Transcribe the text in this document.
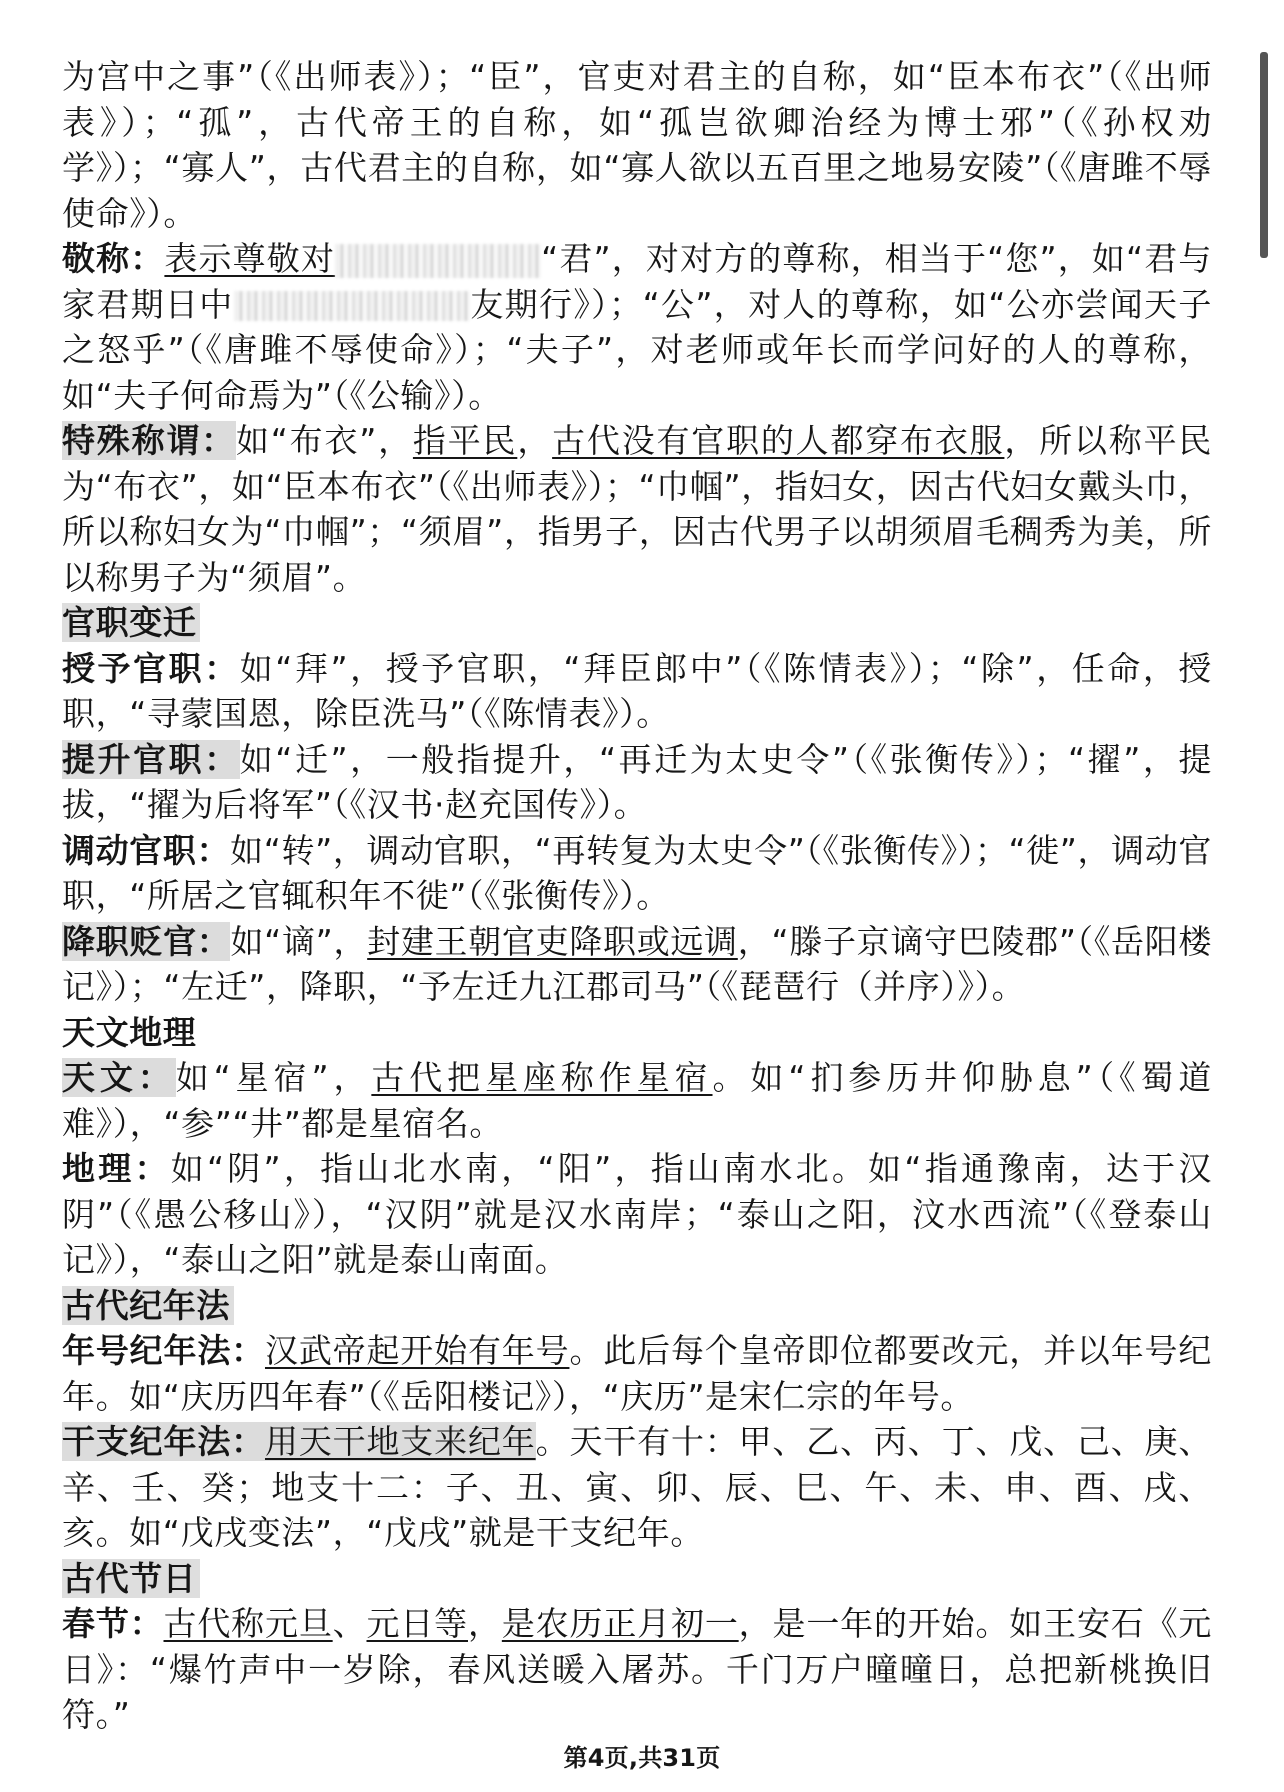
为宫中之事”（《出师表》）；“臣”，官吏对君主的自称，如“臣本布衣”（《出师表》）；“孤”，古代帝王的自称，如“孤岂欲卿治经为博士邪”（《孙权劝学》）；“寡人”，古代君主的自称，如“寡人欲以五百里之地易安陵”（《唐雎不辱使命》）。

敬称：表示尊敬对	“君”，对对方的尊称，相当于“您”，如“君与家君期日中	友期行》）；“公”，对人的尊称，如“公亦尝闻天子之怒乎”（《唐雎不辱使命》）；“夫子”，对老师或年长而学问好的人的尊称，如“夫子何命焉为”（《公输》）。

特殊称谓：如“布衣”，指平民，古代没有官职的人都穿布衣服，所以称平民为“布衣”，如“臣本布衣”（《出师表》）；“巾帼”，指妇女，因古代妇女戴头巾，所以称妇女为“巾帼”；“须眉”，指男子，因古代男子以胡须眉毛稠秀为美，所以称男子为“须眉”。

官职变迁

授予官职：如“拜”，授予官职，“拜臣郎中”（《陈情表》）；“除”，任命，授职，“寻蒙国恩，除臣洗马”（《陈情表》）。

提升官职：如“迁”，一般指提升，“再迁为太史令”（《张衡传》）；“擢”，提拔，“擢为后将军”（《汉书·赵充国传》）。

调动官职：如“转”，调动官职，“再转复为太史令”（《张衡传》）；“徙”，调动官职，“所居之官辄积年不徙”（《张衡传》）。

降职贬官：如“谪”，封建王朝官吏降职或远调，“滕子京谪守巴陵郡”（《岳阳楼记》）；“左迁”，降职，“予左迁九江郡司马”（《琵琶行（并序）》）。

天文地理

天文：如“星宿”，古代把星座称作星宿。如“扪参历井仰胁息”（《蜀道难》），“参”“井”都是星宿名。

地理：如“阴”，指山北水南，“阳”，指山南水北。如“指通豫南，达于汉阴”（《愚公移山》），“汉阴”就是汉水南岸；“泰山之阳，汶水西流”（《登泰山记》），“泰山之阳”就是泰山南面。

古代纪年法

年号纪年法：汉武帝起开始有年号。此后每个皇帝即位都要改元，并以年号纪年。如“庆历四年春”（《岳阳楼记》），“庆历”是宋仁宗的年号。

干支纪年法：用天干地支来纪年。天干有十：甲、乙、丙、丁、戊、己、庚、辛、壬、癸；地支十二：子、丑、寅、卯、辰、巳、午、未、申、酉、戌、亥。如“戊戌变法”，“戊戌”就是干支纪年。

古代节日

春节：古代称元旦、元日等，是农历正月初一，是一年的开始。如王安石《元日》：“爆竹声中一岁除，春风送暖入屠苏。千门万户曈曈日，总把新桃换旧符。”

第4页,共31页
